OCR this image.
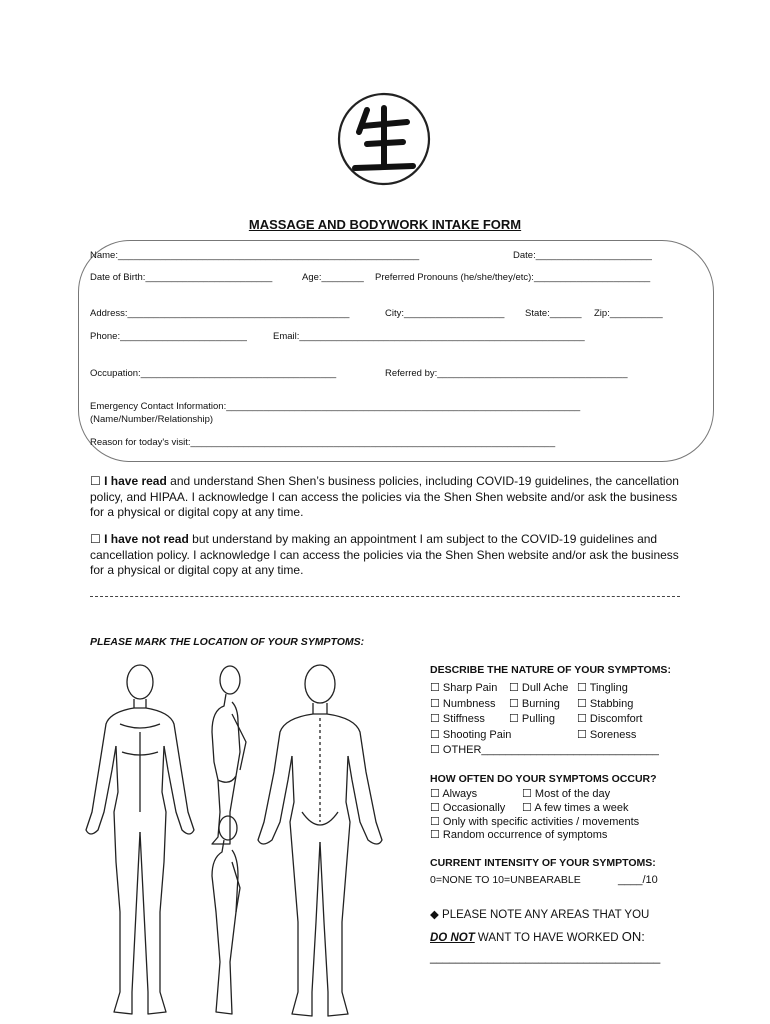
MASSAGE AND BODYWORK INTAKE FORM
Name:_________________________________________________________	Date:______________________
Date of Birth:________________________	Age:________ Preferred Pronouns (he/she/they/etc):______________________
Address:__________________________________________	City:___________________ State:______ Zip:__________
Phone:________________________	Email:______________________________________________________
Occupation:_____________________________________	Referred by:____________________________________
Emergency Contact Information:___________________________________________________________________
(Name/Number/Relationship)
Reason for today's visit:_____________________________________________________________________
☐ I have read and understand Shen Shen’s business policies, including COVID-19 guidelines, the cancellation policy, and HIPAA. I acknowledge I can access the policies via the Shen Shen website and/or ask the business for a physical or digital copy at any time.
☐ I have not read but understand by making an appointment I am subject to the COVID-19 guidelines and cancellation policy. I acknowledge I can access the policies via the Shen Shen website and/or ask the business for a physical or digital copy at any time.
PLEASE MARK THE LOCATION OF YOUR SYMPTOMS:
DESCRIBE THE NATURE OF YOUR SYMPTOMS:
☐ Sharp Pain ☐ Dull Ache ☐ Tingling
☐ Numbness ☐ Burning ☐ Stabbing
☐ Stiffness ☐ Pulling ☐ Discomfort
☐ Shooting Pain	☐ Soreness
☐ OTHER_____________________________
HOW OFTEN DO YOUR SYMPTOMS OCCUR?
☐ Always	☐ Most of the day
☐ Occasionally ☐ A few times a week
☐ Only with specific activities / movements
☐ Random occurrence of symptoms
CURRENT INTENSITY OF YOUR SYMPTOMS:
0=NONE TO 10=UNBEARABLE	____/10
◆ PLEASE NOTE ANY AREAS THAT YOU
DO NOT WANT TO HAVE WORKED ON:
____________________________________
